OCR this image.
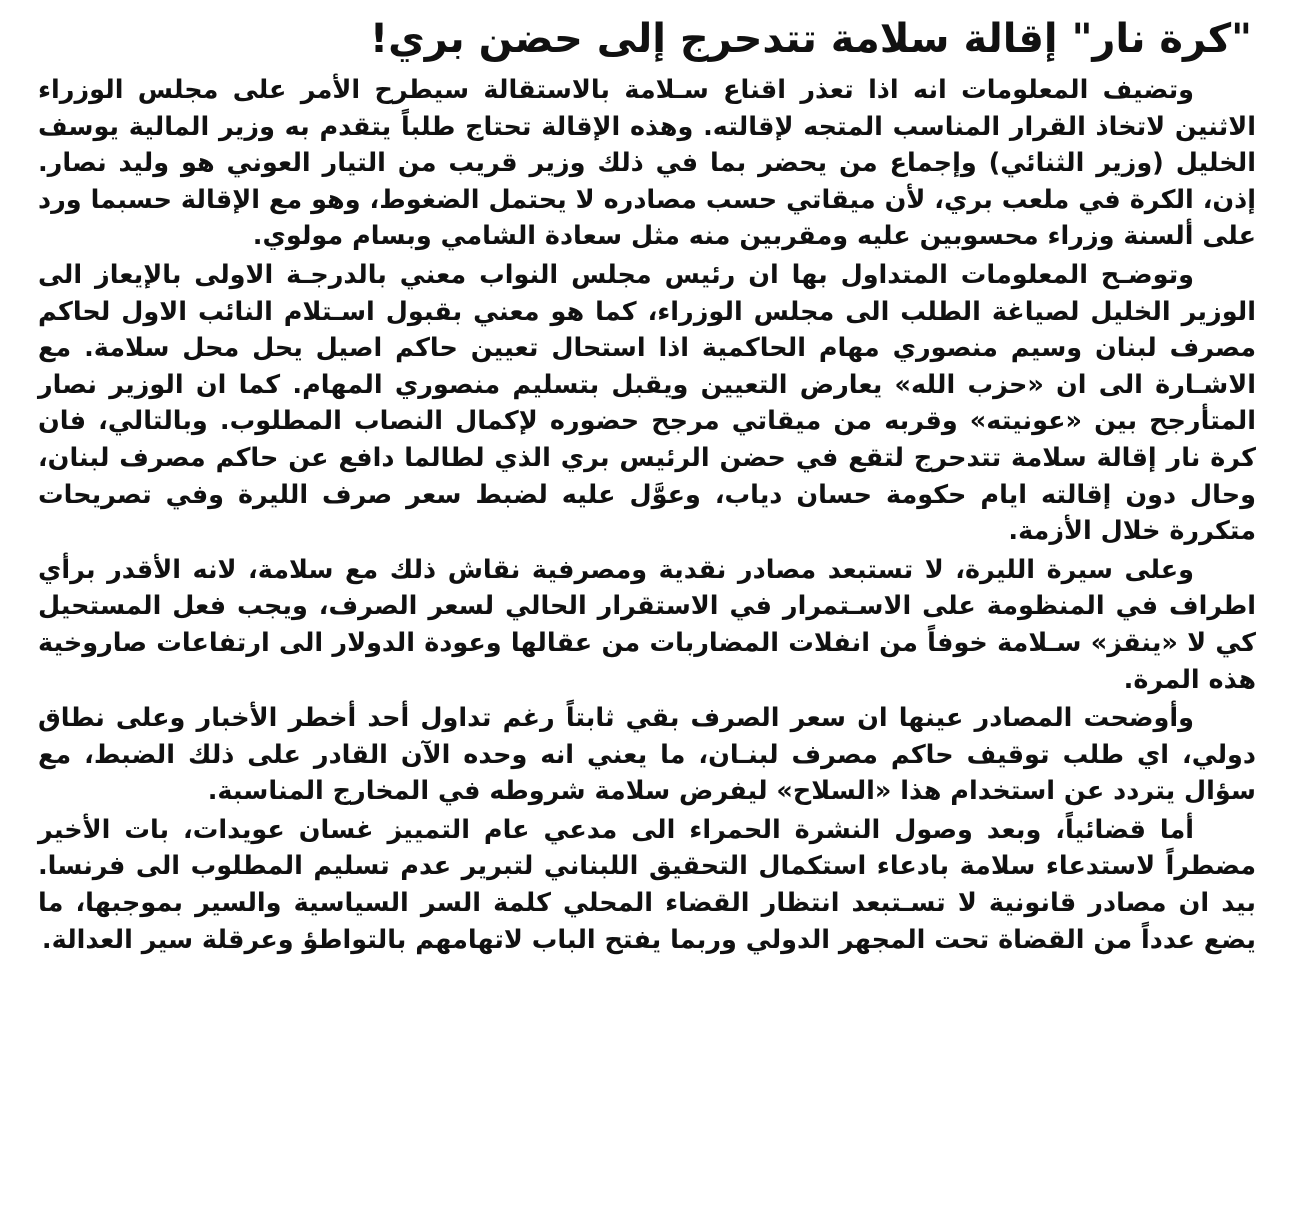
"كرة نار" إقالة سلامة تتدحرج إلى حضن بري!

وتضيف المعلومات انه اذا تعذر اقناع سـلامة بالاستقالة سيطرح الأمر على مجلس الوزراء الاثنين لاتخاذ القرار المناسب المتجه لإقالته. وهذه الإقالة تحتاج طلباً يتقدم به وزير المالية يوسف الخليل (وزير الثنائي) وإجماع من يحضر بما في ذلك وزير قريب من التيار العوني هو وليد نصار. إذن، الكرة في ملعب بري، لأن ميقاتي حسب مصادره لا يحتمل الضغوط، وهو مع الإقالة حسبما ورد على ألسنة وزراء محسوبين عليه ومقربين منه مثل سعادة الشامي وبسام مولوي.

وتوضـح المعلومات المتداول بها ان رئيس مجلس النواب معني بالدرجـة الاولى بالإيعاز الى الوزير الخليل لصياغة الطلب الى مجلس الوزراء، كما هو معني بقبول اسـتلام النائب الاول لحاكم مصرف لبنان وسيم منصوري مهام الحاكمية اذا استحال تعيين حاكم اصيل يحل محل سلامة. مع الاشـارة الى ان «حزب الله» يعارض التعيين ويقبل بتسليم منصوري المهام. كما ان الوزير نصار المتأرجح بين «عونيته» وقربه من ميقاتي مرجح حضوره لإكمال النصاب المطلوب. وبالتالي، فان كرة نار إقالة سلامة تتدحرج لتقع في حضن الرئيس بري الذي لطالما دافع عن حاكم مصرف لبنان، وحال دون إقالته ايام حكومة حسان دياب، وعوَّل عليه لضبط سعر صرف الليرة وفي تصريحات متكررة خلال الأزمة.

وعلى سيرة الليرة، لا تستبعد مصادر نقدية ومصرفية نقاش ذلك مع سلامة، لانه الأقدر برأي اطراف في المنظومة على الاسـتمرار في الاستقرار الحالي لسعر الصرف، ويجب فعل المستحيل كي لا «ينقز» سـلامة خوفاً من انفلات المضاربات من عقالها وعودة الدولار الى ارتفاعات صاروخية هذه المرة.

وأوضحت المصادر عينها ان سعر الصرف بقي ثابتاً رغم تداول أحد أخطر الأخبار وعلى نطاق دولي، اي طلب توقيف حاكم مصرف لبنـان، ما يعني انه وحده الآن القادر على ذلك الضبط، مع سؤال يتردد عن استخدام هذا «السلاح» ليفرض سلامة شروطه في المخارج المناسبة.

أما قضائياً، وبعد وصول النشرة الحمراء الى مدعي عام التمييز غسان عويدات، بات الأخير مضطراً لاستدعاء سلامة بادعاء استكمال التحقيق اللبناني لتبرير عدم تسليم المطلوب الى فرنسا. بيد ان مصادر قانونية لا تسـتبعد انتظار القضاء المحلي كلمة السر السياسية والسير بموجبها، ما يضع عدداً من القضاة تحت المجهر الدولي وربما يفتح الباب لاتهامهم بالتواطؤ وعرقلة سير العدالة.
